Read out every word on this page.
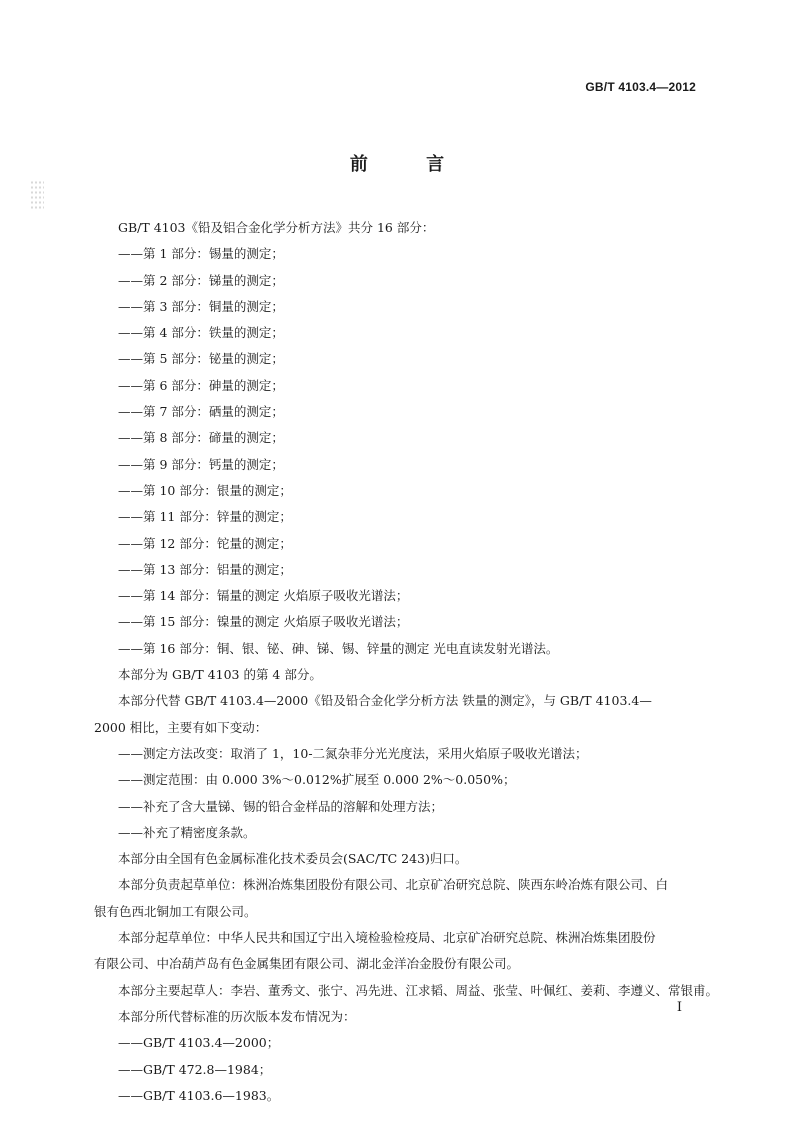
GB/T 4103.4—2012
前 言

GB/T 4103《铅及铝合金化学分析方法》共分 16 部分：

——第 1 部分：锡量的测定；

——第 2 部分：锑量的测定；

——第 3 部分：铜量的测定；

——第 4 部分：铁量的测定；

——第 5 部分：铋量的测定；

——第 6 部分：砷量的测定；

——第 7 部分：硒量的测定；

——第 8 部分：碲量的测定；

——第 9 部分：钙量的测定；

——第 10 部分：银量的测定；

——第 11 部分：锌量的测定；

——第 12 部分：铊量的测定；

——第 13 部分：铝量的测定；

——第 14 部分：镉量的测定 火焰原子吸收光谱法；

——第 15 部分：镍量的测定 火焰原子吸收光谱法；

——第 16 部分：铜、银、铋、砷、锑、锡、锌量的测定 光电直读发射光谱法。

本部分为 GB/T 4103 的第 4 部分。

本部分代替 GB/T 4103.4—2000《铅及铅合金化学分析方法 铁量的测定》，与 GB/T 4103.4—

2000 相比，主要有如下变动：

——测定方法改变：取消了 1，10-二氮杂菲分光光度法，采用火焰原子吸收光谱法；

——测定范围：由 0.000 3%～0.012%扩展至 0.000 2%～0.050%；

——补充了含大量锑、锡的铅合金样品的溶解和处理方法；

——补充了精密度条款。

本部分由全国有色金属标准化技术委员会(SAC/TC 243)归口。

本部分负责起草单位：株洲冶炼集团股份有限公司、北京矿冶研究总院、陕西东岭冶炼有限公司、白

银有色西北铜加工有限公司。

本部分起草单位：中华人民共和国辽宁出入境检验检疫局、北京矿冶研究总院、株洲冶炼集团股份

有限公司、中冶葫芦岛有色金属集团有限公司、湖北金洋冶金股份有限公司。

本部分主要起草人：李岩、董秀文、张宁、冯先进、江求韬、周益、张莹、叶佩红、姜莉、李遵义、常银甫。

本部分所代替标准的历次版本发布情况为：

——GB/T 4103.4—2000；

——GB/T 472.8—1984；

——GB/T 4103.6—1983。

I
